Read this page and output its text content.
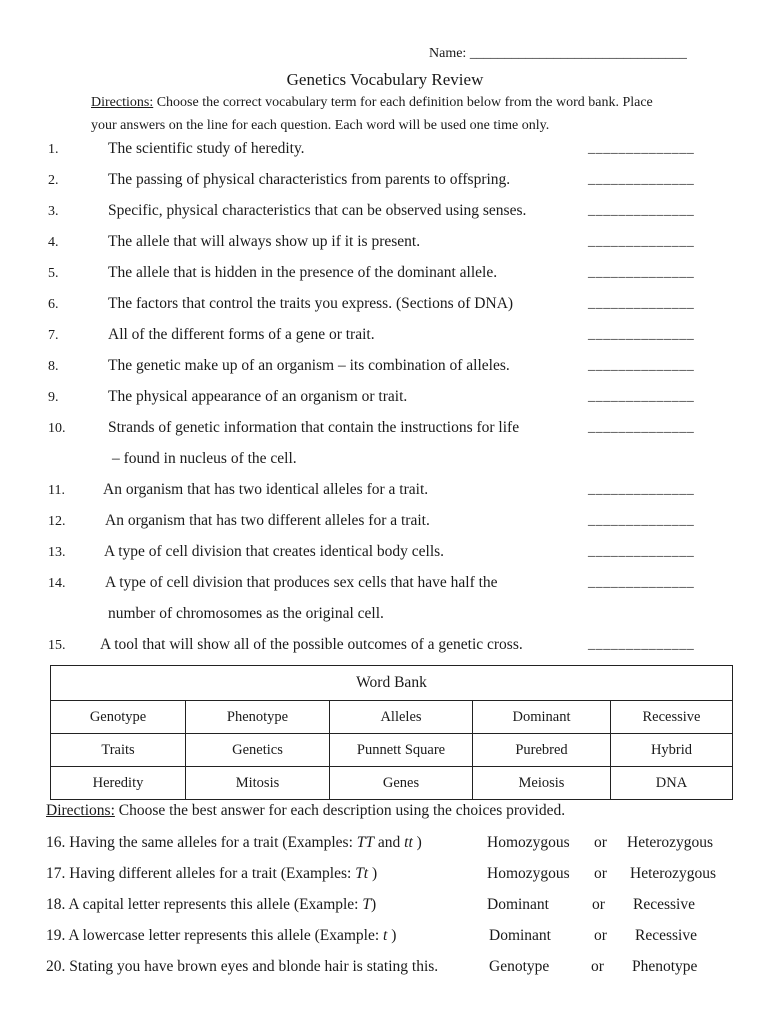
Name: _______________________________
Genetics Vocabulary Review
Directions: Choose the correct vocabulary term for each definition below from the word bank. Place
your answers on the line for each question. Each word will be used one time only.
1.	The scientific study of heredity.	______________
2.	The passing of physical characteristics from parents to offspring.	______________
3.	Specific, physical characteristics that can be observed using senses.	______________
4.	The allele that will always show up if it is present.	______________
5.	The allele that is hidden in the presence of the dominant allele.	______________
6.	The factors that control the traits you express. (Sections of DNA)	______________
7.	All of the different forms of a gene or trait.	______________
8.	The genetic make up of an organism – its combination of alleles.	______________
9.	The physical appearance of an organism or trait.	______________
10.	Strands of genetic information that contain the instructions for life	______________
– found in nucleus of the cell.
11. An organism that has two identical alleles for a trait.	______________
12.	An organism that has two different alleles for a trait.	______________
13. A type of cell division that creates identical body cells.	______________
14.	A type of cell division that produces sex cells that have half the	______________
number of chromosomes as the original cell.
15. A tool that will show all of the possible outcomes of a genetic cross.	______________
Word Bank				
Genotype	Phenotype	Alleles	Dominant	Recessive
Traits	Genetics	Punnett Square	Purebred	Hybrid
Heredity	Mitosis	Genes	Meiosis	DNA
Directions: Choose the best answer for each description using the choices provided.
16. Having the same alleles for a trait (Examples: TT and tt )	Homozygous or Heterozygous
17. Having different alleles for a trait (Examples: Tt )	Homozygous or Heterozygous
18. A capital letter represents this allele (Example: T)	Dominant	or Recessive
19. A lowercase letter represents this allele (Example: t )	Dominant	or Recessive
20. Stating you have brown eyes and blonde hair is stating this.	Genotype	or Phenotype
